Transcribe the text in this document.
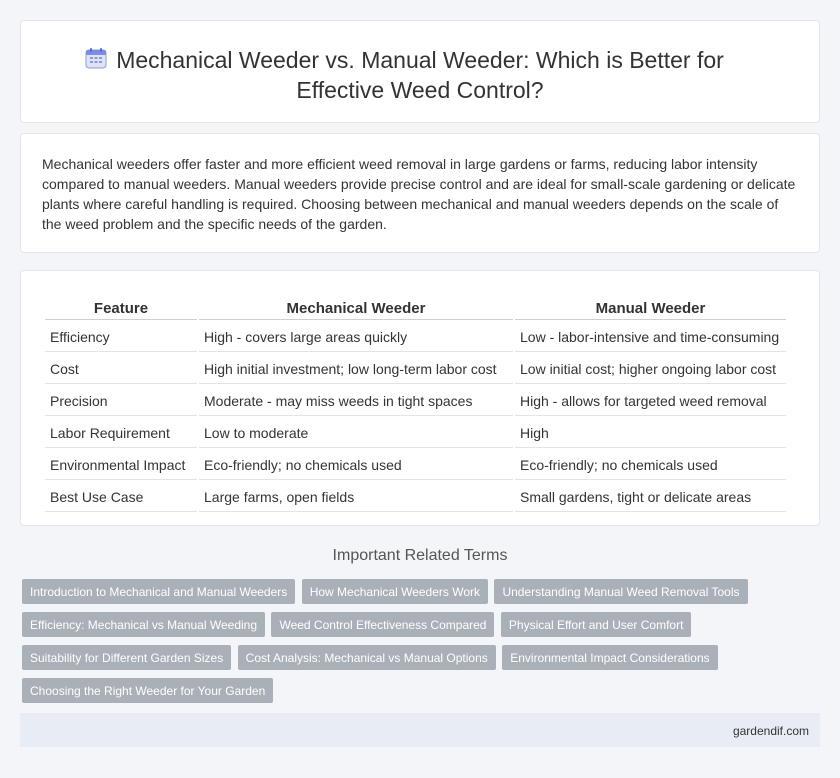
Mechanical Weeder vs. Manual Weeder: Which is Better for Effective Weed Control?

Mechanical weeders offer faster and more efficient weed removal in large gardens or farms, reducing labor intensity compared to manual weeders. Manual weeders provide precise control and are ideal for small-scale gardening or delicate plants where careful handling is required. Choosing between mechanical and manual weeders depends on the scale of the weed problem and the specific needs of the garden.

Feature	Mechanical Weeder	Manual Weeder
Efficiency	High - covers large areas quickly	Low - labor-intensive and time-consuming
Cost	High initial investment; low long-term labor cost	Low initial cost; higher ongoing labor cost
Precision	Moderate - may miss weeds in tight spaces	High - allows for targeted weed removal
Labor Requirement	Low to moderate	High
Environmental Impact	Eco-friendly; no chemicals used	Eco-friendly; no chemicals used
Best Use Case	Large farms, open fields	Small gardens, tight or delicate areas
Important Related Terms
Introduction to Mechanical and Manual Weeders How Mechanical Weeders Work Understanding Manual Weed Removal Tools Efficiency: Mechanical vs Manual Weeding Weed Control Effectiveness Compared Physical Effort and User Comfort Suitability for Different Garden Sizes Cost Analysis: Mechanical vs Manual Options Environmental Impact Considerations Choosing the Right Weeder for Your Garden
gardendif.com
